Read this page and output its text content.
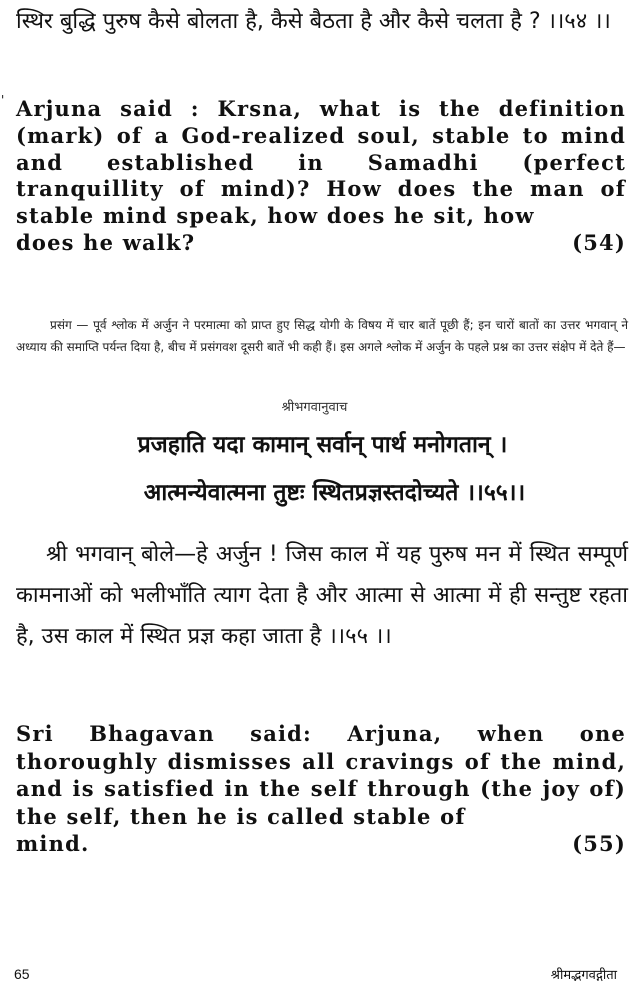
स्थिर बुद्धि पुरुष कैसे बोलता है, कैसे बैठता है और कैसे चलता है ? ।।५४ ।।

' Arjuna said : Krsna, what is the definition (mark) of a God-realized soul, stable to mind and established in Samadhi (perfect tranquillity of mind)? How does the man of stable mind speak, how does he sit, how
does he walk?	(54)

प्रसंग — पूर्व श्लोक में अर्जुन ने परमात्मा को प्राप्त हुए सिद्ध योगी के विषय में चार बातें पूछी हैं; इन चारों बातों का उत्तर भगवान् ने अध्याय की समाप्ति पर्यन्त दिया है, बीच में प्रसंगवश दूसरी बातें भी कही हैं। इस अगले श्लोक में अर्जुन के पहले प्रश्न का उत्तर संक्षेप में देते हैं—

श्रीभगवानुवाच
प्रजहाति यदा कामान् सर्वान् पार्थ मनोगतान् ।
आत्मन्येवात्मना तुष्टः स्थितप्रज्ञस्तदोच्यते ।।५५।।

श्री भगवान् बोले—हे अर्जुन ! जिस काल में यह पुरुष मन में स्थित सम्पूर्ण कामनाओं को भलीभाँति त्याग देता है और आत्मा से आत्मा में ही सन्तुष्ट रहता है, उस काल में स्थित प्रज्ञ कहा जाता है ।।५५ ।।

Sri Bhagavan said: Arjuna, when one thoroughly dismisses all cravings of the mind, and is satisfied in the self through (the joy of) the self, then he is called stable of
mind.	(55)
65	श्रीमद्भगवद्गीता
